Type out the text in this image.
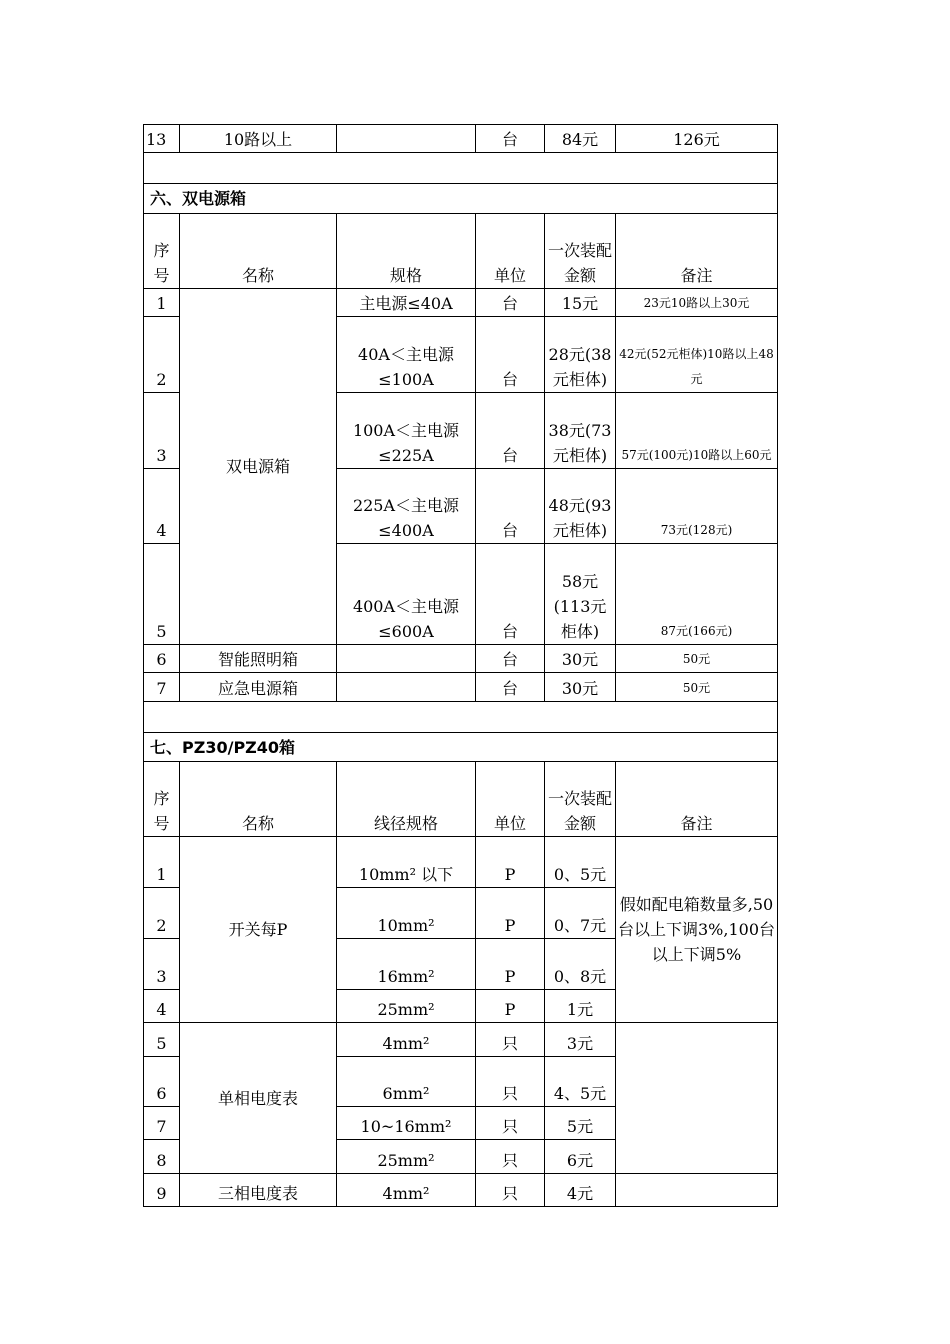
13	10路以上		台	84元	126元

六、双电源箱					
序号	名称	规格	单位	一次装配金额	备注
1	双电源箱	主电源≤40A	台	15元	23元10路以上30元
2		40A＜主电源≤100A	台	28元(38元柜体)	42元(52元柜体)10路以上48元
3		100A＜主电源≤225A	台	38元(73元柜体)	57元(100元)10路以上60元
4		225A＜主电源≤400A	台	48元(93元柜体)	73元(128元)
5		400A＜主电源≤600A	台	58元(113元柜体)	87元(166元)
6	智能照明箱		台	30元	50元
7	应急电源箱		台	30元	50元

七、PZ30/PZ40箱					
序号	名称	线径规格	单位	一次装配金额	备注
1	开关每P	10mm² 以下	P	0、5元	假如配电箱数量多,50台以上下调3%,100台以上下调5%
2		10mm²	P	0、7元	
3		16mm²	P	0、8元	
4		25mm²	P	1元	
5	单相电度表	4mm²	只	3元	
6		6mm²	只	4、5元	
7		10~16mm²	只	5元	
8		25mm²	只	6元	
9	三相电度表	4mm²	只	4元	
